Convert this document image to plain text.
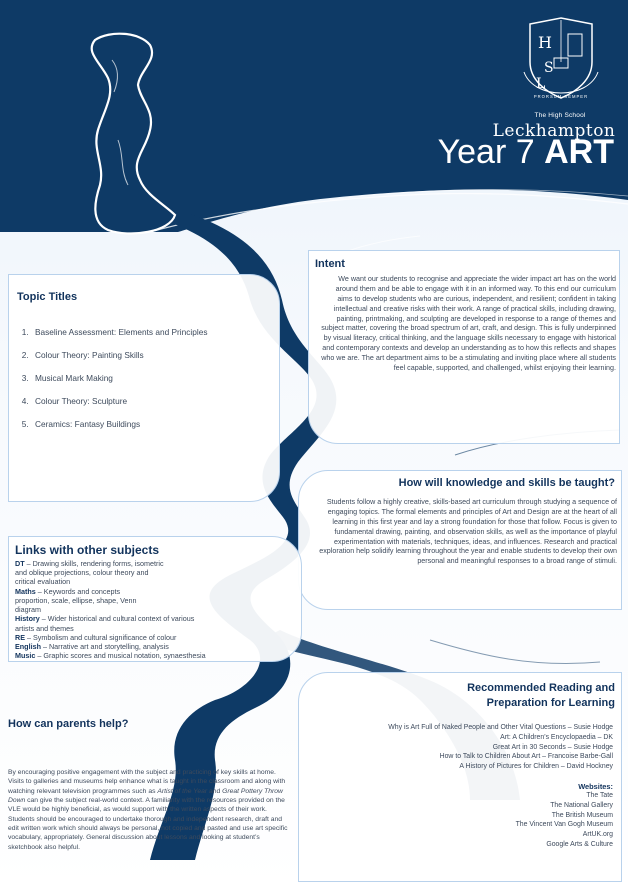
H
S
L
PRORSUM SEMPER
The High School
Leckhampton
Year 7 ART
Intent
We want our students to recognise and appreciate the wider impact art has on the world around them and be able to engage with it in an informed way. To this end our curriculum aims to develop students who are curious, independent, and resilient; confident in taking intellectual and creative risks with their work. A range of practical skills, including drawing, painting, printmaking, and sculpting are developed in response to a range of themes and subject matter, covering the broad spectrum of art, craft, and design. This is fully underpinned by visual literacy, critical thinking, and the language skills necessary to engage with historical and contemporary contexts and develop an understanding as to how this reflects and shapes who we are. The art department aims to be a stimulating and inviting place where all students feel capable, supported, and challenged, whilst enjoying their learning.
Topic Titles
1. Baseline Assessment: Elements and Principles
2. Colour Theory: Painting Skills
3. Musical Mark Making
4. Colour Theory: Sculpture
5. Ceramics: Fantasy Buildings
How will knowledge and skills be taught?
Students follow a highly creative, skills-based art curriculum through studying a sequence of engaging topics. The formal elements and principles of Art and Design are at the heart of all learning in this first year and lay a strong foundation for those that follow. Focus is given to fundamental drawing, painting, and observation skills, as well as the importance of playful experimentation with materials, techniques, ideas, and influences. Research and practical exploration help solidify learning throughout the year and enable students to develop their own personal and meaningful responses to a broad range of stimuli.
Links with other subjects
DT – Drawing skills, rendering forms, isometric and oblique projections, colour theory and critical evaluation
Maths – Keywords and concepts proportion, scale, ellipse, shape, Venn diagram
History – Wider historical and cultural context of various artists and themes
RE – Symbolism and cultural significance of colour
English – Narrative art and storytelling, analysis
Music – Graphic scores and musical notation, synaesthesia
Recommended Reading and
Preparation for Learning
Why is Art Full of Naked People and Other Vital Questions – Susie Hodge
Art: A Children’s Encyclopaedia – DK
Great Art in 30 Seconds – Susie Hodge
How to Talk to Children About Art – Francoise Barbe-Gall
A History of Pictures for Children – David Hockney
Websites:
The Tate
The National Gallery
The British Museum
The Vincent Van Gogh Museum
ArtUK.org
Google Arts & Culture
How can parents help?
By encouraging positive engagement with the subject and practicing of key skills at home. Visits to galleries and museums help enhance what is taught in the classroom and along with watching relevant television programmes such as Artist of the Year and Great Pottery Throw Down can give the subject real-world context. A familiarity with the resources provided on the VLE would be highly beneficial, as would support with the written aspects of their work. Students should be encouraged to undertake thorough and independent research, draft and edit written work which should always be personal, not copied and pasted and use art specific vocabulary, appropriately. General discussion about lessons and looking at student’s sketchbook also helpful.
